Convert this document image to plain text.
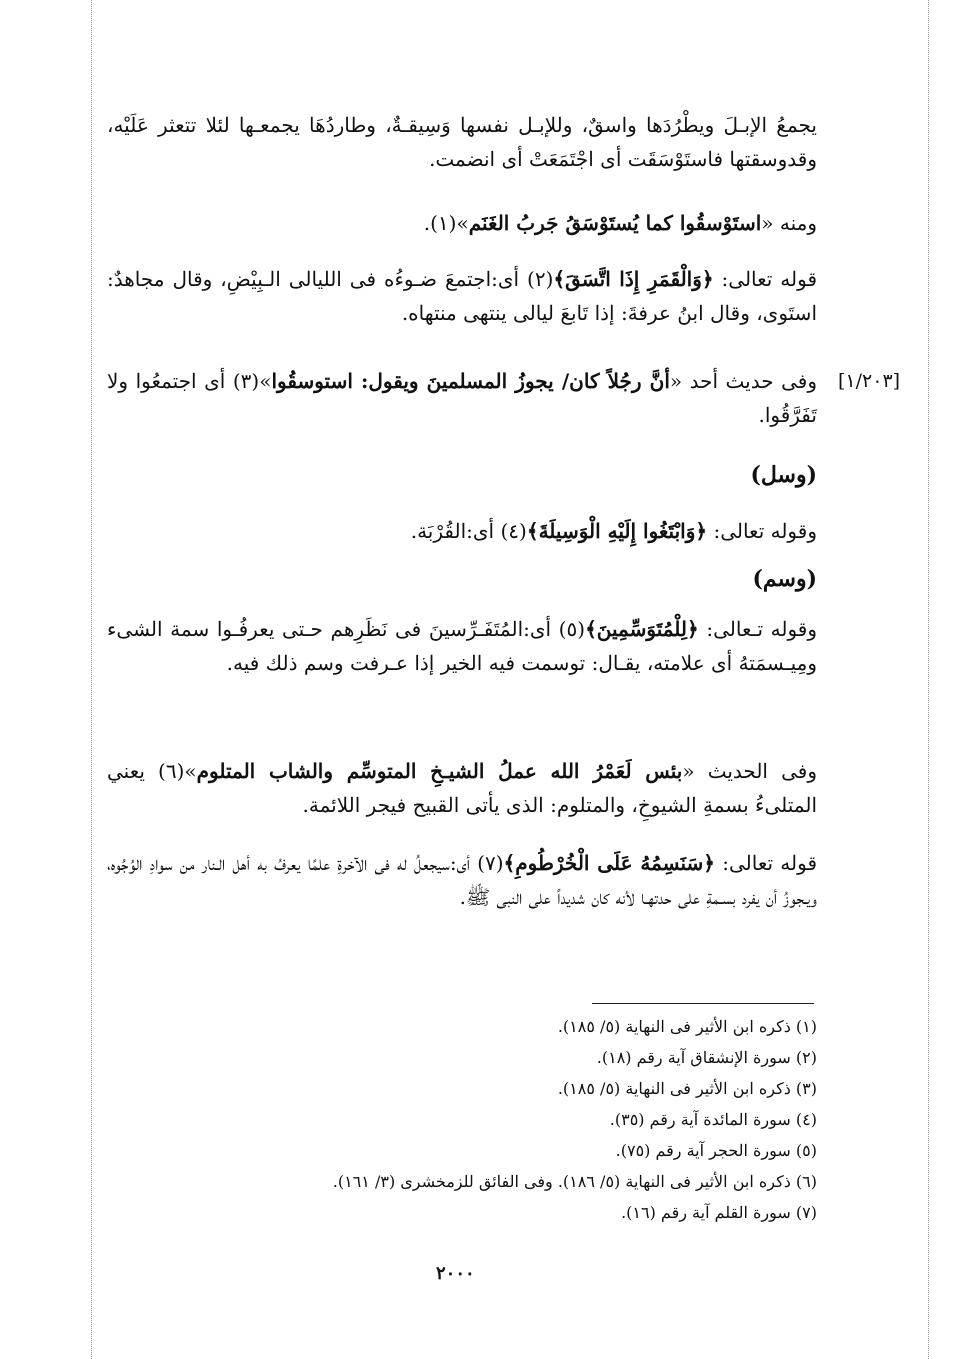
يجمعُ الإبـلَ ويطْرُدَها واسقٌ، وللإبـل نفسها وَسِيقـةٌ، وطاردُهَا يجمعـها لئلا تتعثر عَلَيْه، وقدوسقتها فاستَوْسَقَت أى اجْتَمَعَتْ أى انضمت.

ومنه «استَوْسقُوا كما يُستَوْسَقُ جَربُ الغَنَم»(١).

قوله تعالى: ﴿وَالْقَمَرِ إِذَا اتَّسَقَ﴾(٢) أى:اجتمعَ ضـوءُه فى الليالى الـبِيْضِ، وقال مجاهدٌ: استَوى، وقال ابنُ عرفةَ: إذا تَابعَ ليالى ينتهى منتهاه.

[١/٢٠٣]

وفى حديث أحد «أنَّ رجُلاً كان/ يجوزُ المسلمينَ ويقول: استوسقُوا»(٣) أى اجتمعُوا ولا تَفَرَّقُوا.

(وسل)

وقوله تعالى: ﴿وَابْتَغُوا إِلَيْهِ الْوَسِيلَةَ﴾(٤) أى:القُرْبَة.

(وسم)

وقوله تـعالى: ﴿لِلْمُتَوَسِّمِينَ﴾(٥) أى:المُتَفَـرِّسينَ فى نَظَرِهم حـتى يعرفُـوا سمة الشىء ومِيـسمَتهُ أى علامته، يقـال: توسمت فيه الخير إذا عـرفت وسم ذلك فيه.

وفى الحديث «بئس لَعَمْرُ الله عملُ الشيـخِ المتوسِّم والشاب المتلوم»(٦) يعني المتلىءُ بسمةِ الشيوخِ، والمتلوم: الذى يأتى القبيح فيجر اللائمة.

قوله تعالى: ﴿سَنَسِمُهُ عَلَى الْخُرْطُومِ﴾(٧) أى:سيجعلُ له فى الآخرةِ علمًا يعرفُ به أهل الـنار من سوادِ الوُجُوه، ويـجوزُ أن يفرد بسـمةِ على حدتهـا لأنه كان شديداً على النبى ﷺ.

(١) ذكره ابن الأثير فى النهاية (٥/ ١٨٥).

(٢) سورة الإنشقاق آية رقم (١٨).

(٣) ذكره ابن الأثير فى النهاية (٥/ ١٨٥).

(٤) سورة المائدة آية رقم (٣٥).

(٥) سورة الحجر آية رقم (٧٥).

(٦) ذكره ابن الأثير فى النهاية (٥/ ١٨٦). وفى الفائق للزمخشرى (٣/ ١٦١).

(٧) سورة القلم آية رقم (١٦).

٢٠٠٠
